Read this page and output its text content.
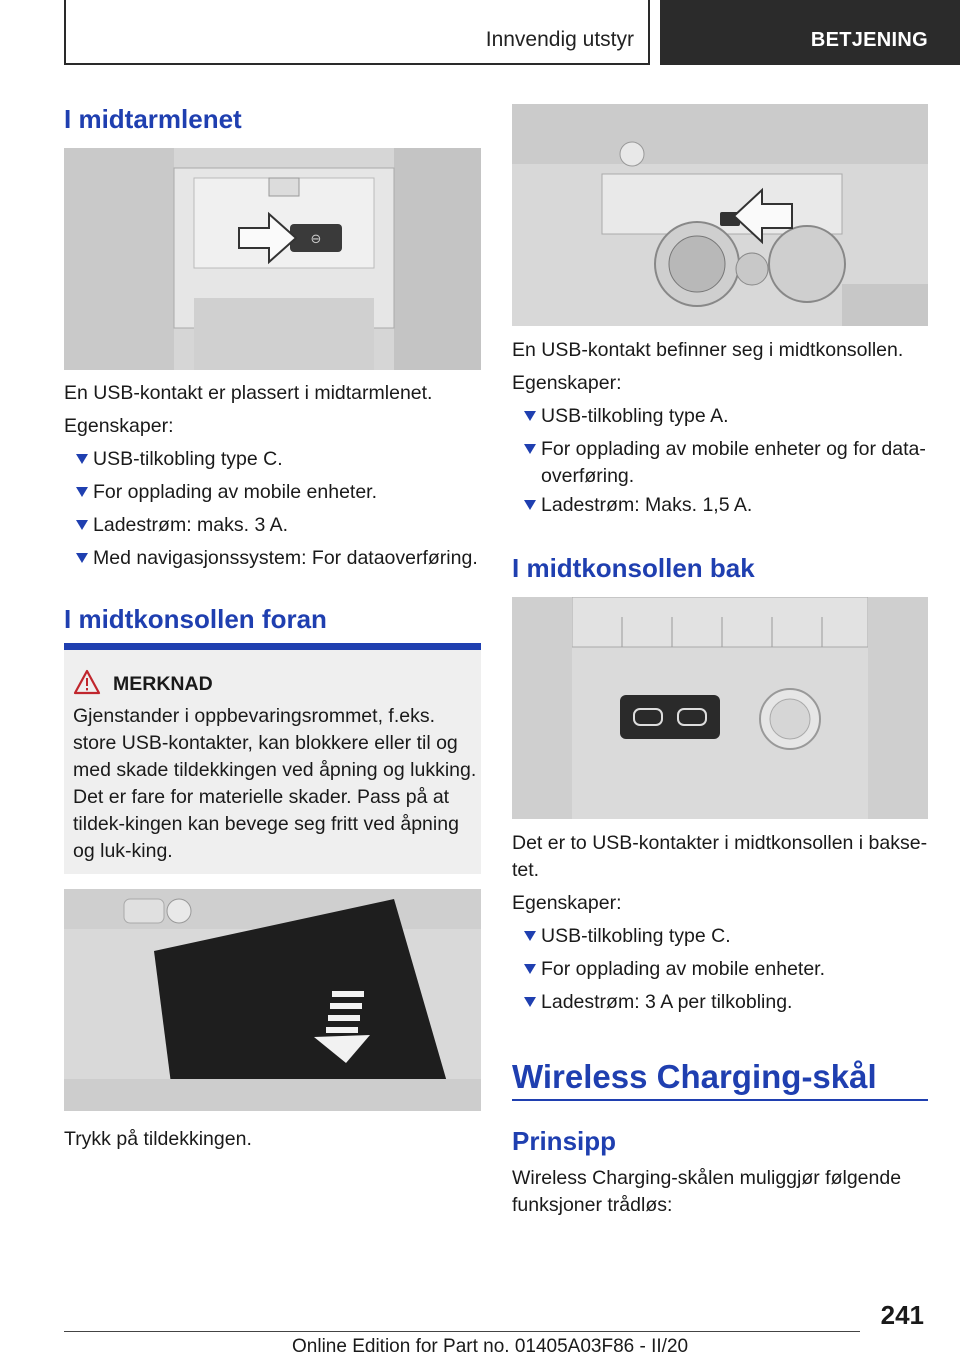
Innvendig utstyr	BETJENING
I midtarmlenet
⊖
En USB-kontakt er plassert i midtarmlenet.
Egenskaper:
USB-tilkobling type C.
For opplading av mobile enheter.
Ladestrøm: maks. 3 A.
Med navigasjonssystem: For dataoverføring.
I midtkonsollen foran
MERKNAD
Gjenstander i oppbevaringsrommet, f.eks. store USB-kontakter, kan blokkere eller til og med skade tildekkingen ved åpning og lukking. Det er fare for materielle skader. Pass på at tildek-kingen kan bevege seg fritt ved åpning og luk-king.
Trykk på tildekkingen.
En USB-kontakt befinner seg i midtkonsollen.
Egenskaper:
USB-tilkobling type A.
For opplading av mobile enheter og for data-overføring.
Ladestrøm: Maks. 1,5 A.
I midtkonsollen bak
Det er to USB-kontakter i midtkonsollen i bakse-tet.
Egenskaper:
USB-tilkobling type C.
For opplading av mobile enheter.
Ladestrøm: 3 A per tilkobling.
Wireless Charging-skål
Prinsipp
Wireless Charging-skålen muliggjør følgende funksjoner trådløs:
241
Online Edition for Part no. 01405A03F86 - II/20
